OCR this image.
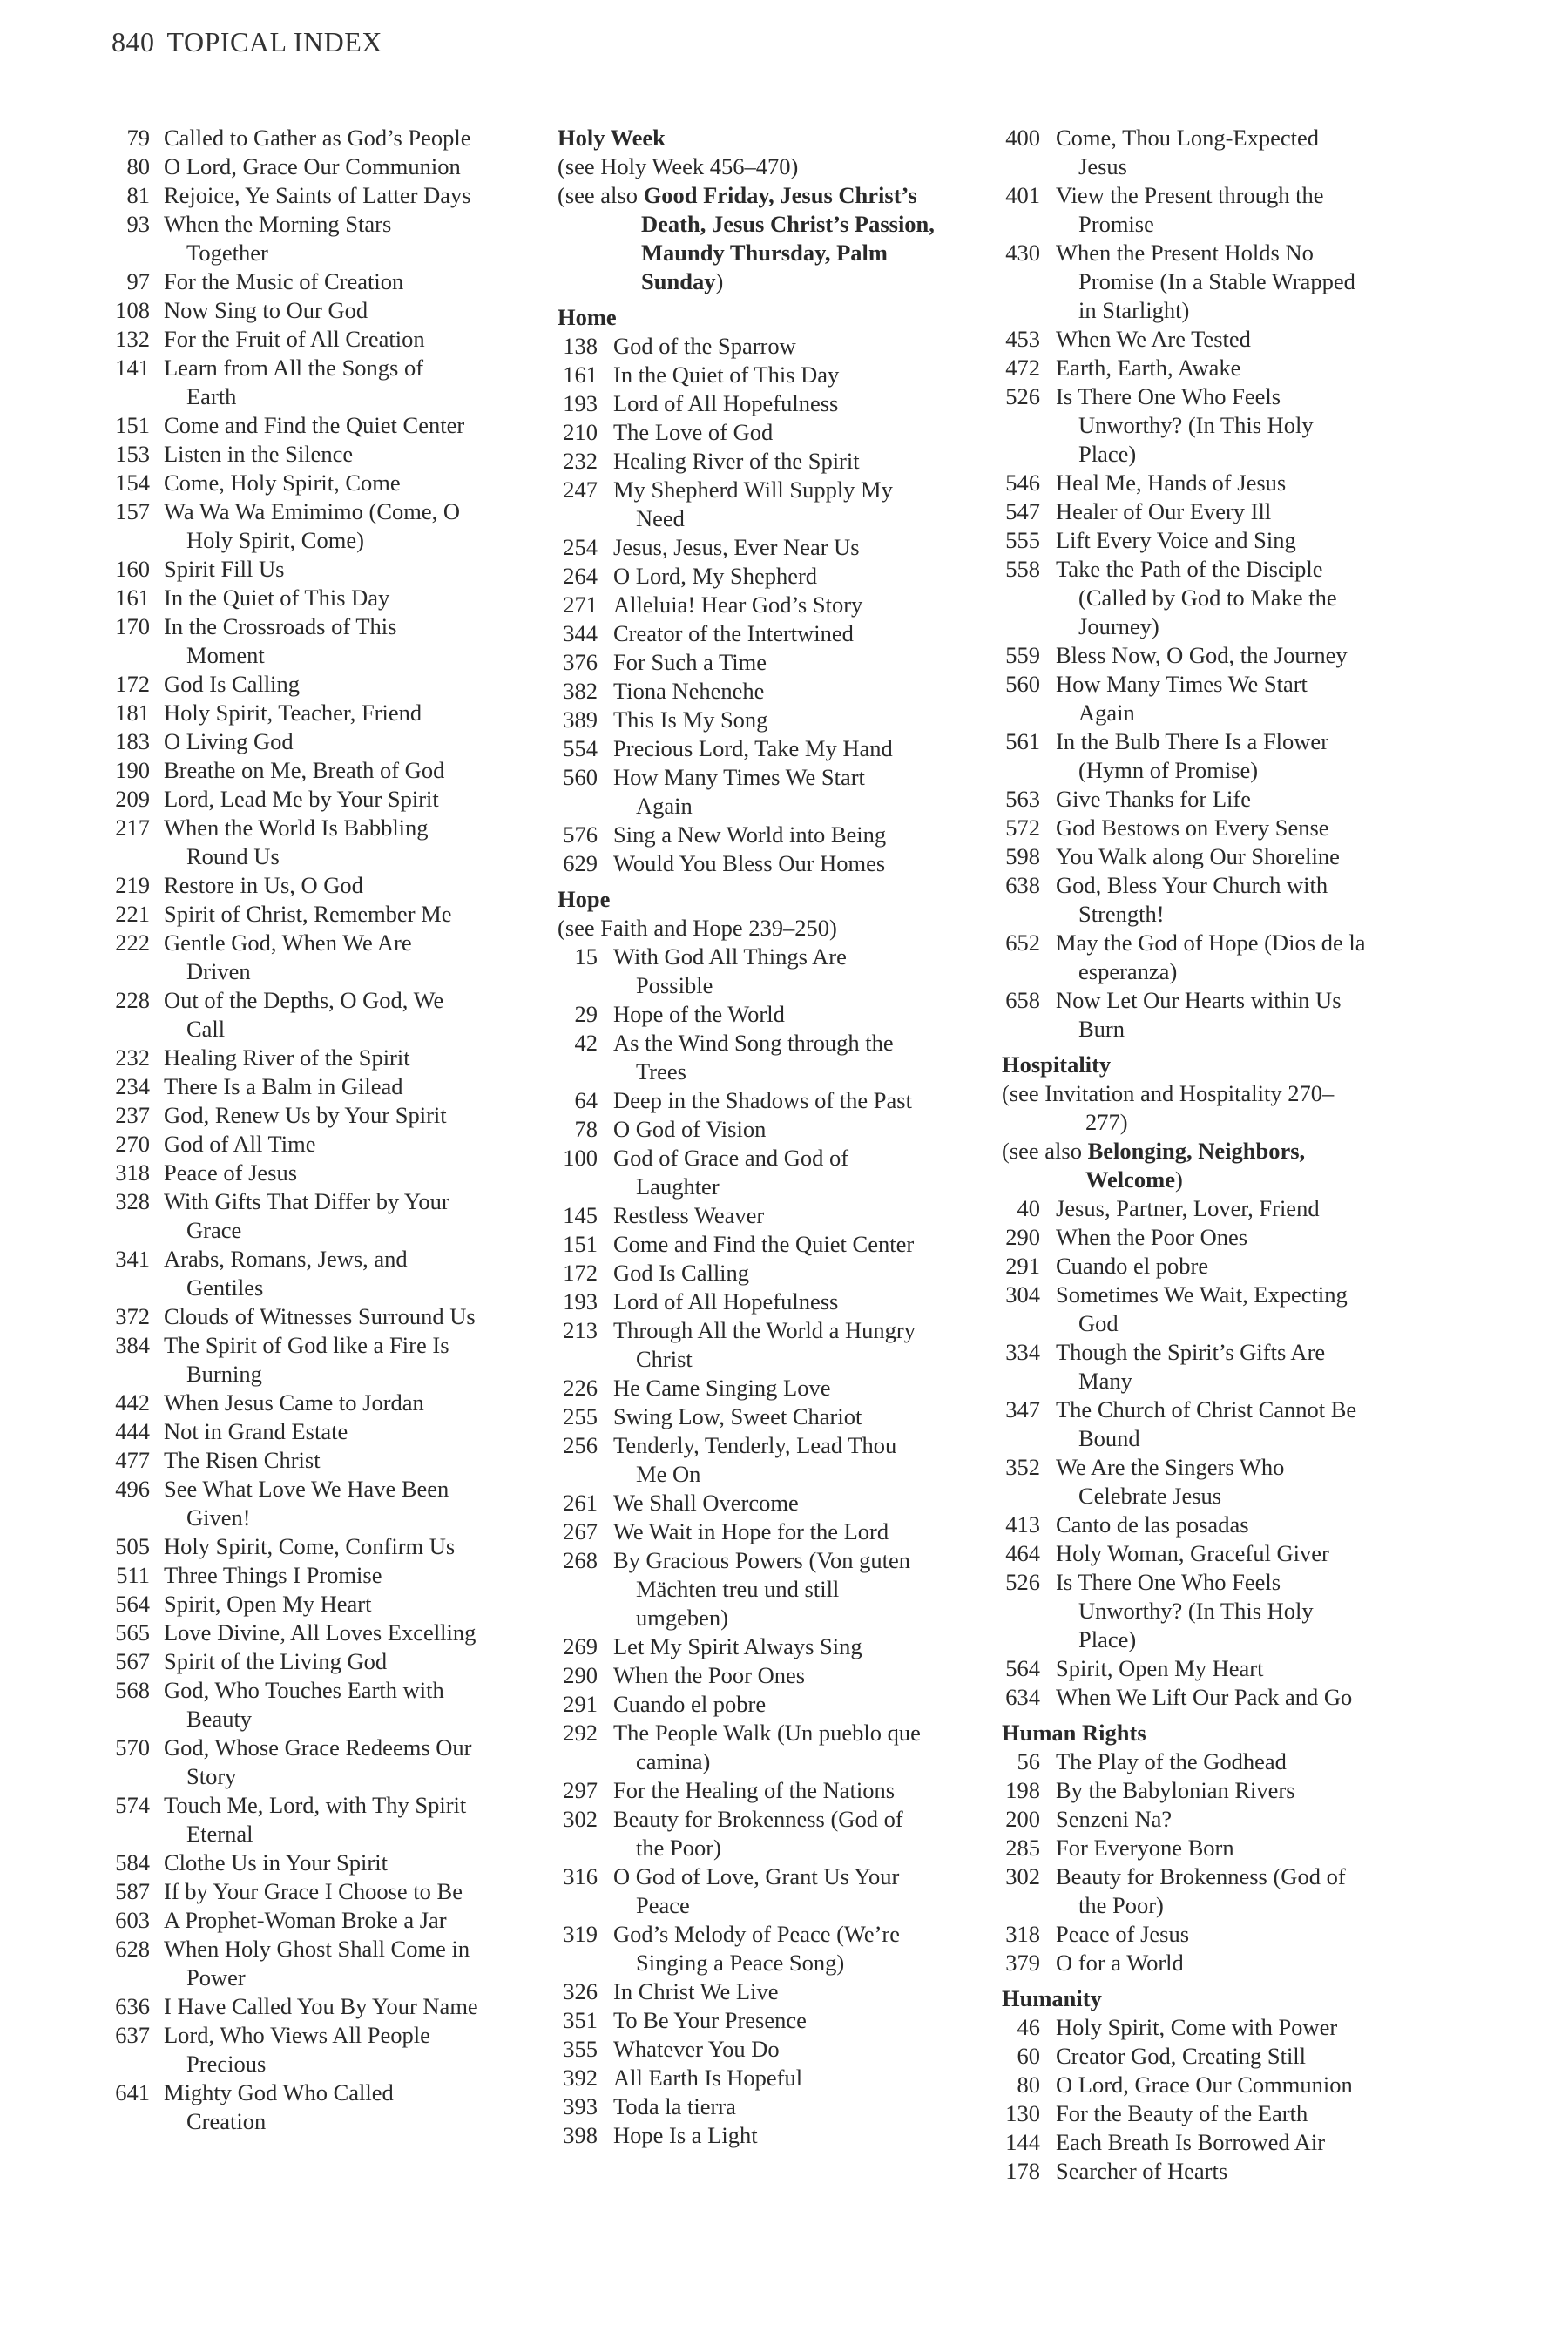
840 TOPICAL INDEX
79 Called to Gather as God’s People
80 O Lord, Grace Our Communion
81 Rejoice, Ye Saints of Latter Days
93 When the Morning Stars
Together
97 For the Music of Creation
108 Now Sing to Our God
132 For the Fruit of All Creation
141 Learn from All the Songs of
Earth
151 Come and Find the Quiet Center
153 Listen in the Silence
154 Come, Holy Spirit, Come
157 Wa Wa Wa Emimimo (Come, O
Holy Spirit, Come)
160 Spirit Fill Us
161 In the Quiet of This Day
170 In the Crossroads of This
Moment
172 God Is Calling
181 Holy Spirit, Teacher, Friend
183 O Living God
190 Breathe on Me, Breath of God
209 Lord, Lead Me by Your Spirit
217 When the World Is Babbling
Round Us
219 Restore in Us, O God
221 Spirit of Christ, Remember Me
222 Gentle God, When We Are
Driven
228 Out of the Depths, O God, We
Call
232 Healing River of the Spirit
234 There Is a Balm in Gilead
237 God, Renew Us by Your Spirit
270 God of All Time
318 Peace of Jesus
328 With Gifts That Differ by Your
Grace
341 Arabs, Romans, Jews, and
Gentiles
372 Clouds of Witnesses Surround Us
384 The Spirit of God like a Fire Is
Burning
442 When Jesus Came to Jordan
444 Not in Grand Estate
477 The Risen Christ
496 See What Love We Have Been
Given!
505 Holy Spirit, Come, Confirm Us
511 Three Things I Promise
564 Spirit, Open My Heart
565 Love Divine, All Loves Excelling
567 Spirit of the Living God
568 God, Who Touches Earth with
Beauty
570 God, Whose Grace Redeems Our
Story
574 Touch Me, Lord, with Thy Spirit
Eternal
584 Clothe Us in Your Spirit
587 If by Your Grace I Choose to Be
603 A Prophet-Woman Broke a Jar
628 When Holy Ghost Shall Come in
Power
636 I Have Called You By Your Name
637 Lord, Who Views All People
Precious
641 Mighty God Who Called
Creation
Holy Week
(see Holy Week 456–470)
(see also Good Friday, Jesus Christ’s
Death, Jesus Christ’s Passion,
Maundy Thursday, Palm
Sunday)
Home
138 God of the Sparrow
161 In the Quiet of This Day
193 Lord of All Hopefulness
210 The Love of God
232 Healing River of the Spirit
247 My Shepherd Will Supply My
Need
254 Jesus, Jesus, Ever Near Us
264 O Lord, My Shepherd
271 Alleluia! Hear God’s Story
344 Creator of the Intertwined
376 For Such a Time
382 Tiona Nehenehe
389 This Is My Song
554 Precious Lord, Take My Hand
560 How Many Times We Start
Again
576 Sing a New World into Being
629 Would You Bless Our Homes
Hope
(see Faith and Hope 239–250)
15 With God All Things Are
Possible
29 Hope of the World
42 As the Wind Song through the
Trees
64 Deep in the Shadows of the Past
78 O God of Vision
100 God of Grace and God of
Laughter
145 Restless Weaver
151 Come and Find the Quiet Center
172 God Is Calling
193 Lord of All Hopefulness
213 Through All the World a Hungry
Christ
226 He Came Singing Love
255 Swing Low, Sweet Chariot
256 Tenderly, Tenderly, Lead Thou
Me On
261 We Shall Overcome
267 We Wait in Hope for the Lord
268 By Gracious Powers (Von guten
Mächten treu und still
umgeben)
269 Let My Spirit Always Sing
290 When the Poor Ones
291 Cuando el pobre
292 The People Walk (Un pueblo que
camina)
297 For the Healing of the Nations
302 Beauty for Brokenness (God of
the Poor)
316 O God of Love, Grant Us Your
Peace
319 God’s Melody of Peace (We’re
Singing a Peace Song)
326 In Christ We Live
351 To Be Your Presence
355 Whatever You Do
392 All Earth Is Hopeful
393 Toda la tierra
398 Hope Is a Light
400 Come, Thou Long-Expected
Jesus
401 View the Present through the
Promise
430 When the Present Holds No
Promise (In a Stable Wrapped
in Starlight)
453 When We Are Tested
472 Earth, Earth, Awake
526 Is There One Who Feels
Unworthy? (In This Holy
Place)
546 Heal Me, Hands of Jesus
547 Healer of Our Every Ill
555 Lift Every Voice and Sing
558 Take the Path of the Disciple
(Called by God to Make the
Journey)
559 Bless Now, O God, the Journey
560 How Many Times We Start
Again
561 In the Bulb There Is a Flower
(Hymn of Promise)
563 Give Thanks for Life
572 God Bestows on Every Sense
598 You Walk along Our Shoreline
638 God, Bless Your Church with
Strength!
652 May the God of Hope (Dios de la
esperanza)
658 Now Let Our Hearts within Us
Burn
Hospitality
(see Invitation and Hospitality 270–
277)
(see also Belonging, Neighbors,
Welcome)
40 Jesus, Partner, Lover, Friend
290 When the Poor Ones
291 Cuando el pobre
304 Sometimes We Wait, Expecting
God
334 Though the Spirit’s Gifts Are
Many
347 The Church of Christ Cannot Be
Bound
352 We Are the Singers Who
Celebrate Jesus
413 Canto de las posadas
464 Holy Woman, Graceful Giver
526 Is There One Who Feels
Unworthy? (In This Holy
Place)
564 Spirit, Open My Heart
634 When We Lift Our Pack and Go
Human Rights
56 The Play of the Godhead
198 By the Babylonian Rivers
200 Senzeni Na?
285 For Everyone Born
302 Beauty for Brokenness (God of
the Poor)
318 Peace of Jesus
379 O for a World
Humanity
46 Holy Spirit, Come with Power
60 Creator God, Creating Still
80 O Lord, Grace Our Communion
130 For the Beauty of the Earth
144 Each Breath Is Borrowed Air
178 Searcher of Hearts
